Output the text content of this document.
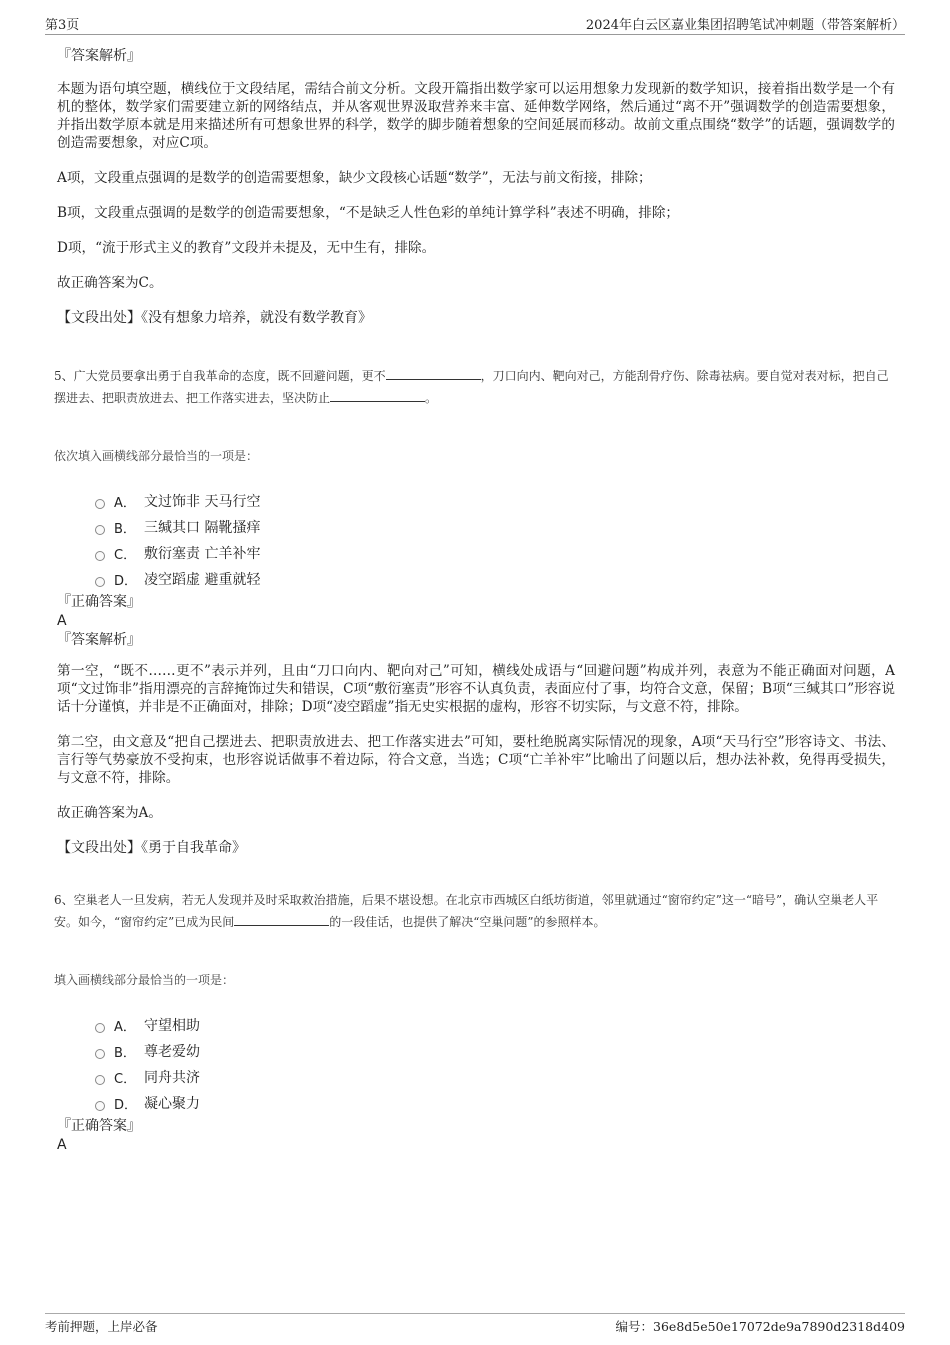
第3页	2024年白云区嘉业集团招聘笔试冲刺题（带答案解析）

『答案解析』

本题为语句填空题，横线位于文段结尾，需结合前文分析。文段开篇指出数学家可以运用想象力发现新的数学知识，接着指出数学是一个有机的整体，数学家们需要建立新的网络结点，并从客观世界汲取营养来丰富、延伸数学网络，然后通过“离不开”强调数学的创造需要想象，并指出数学原本就是用来描述所有可想象世界的科学，数学的脚步随着想象的空间延展而移动。故前文重点围绕“数学”的话题，强调数学的创造需要想象，对应C项。

A项，文段重点强调的是数学的创造需要想象，缺少文段核心话题“数学”，无法与前文衔接，排除；

B项，文段重点强调的是数学的创造需要想象，“不是缺乏人性色彩的单纯计算学科”表述不明确，排除；

D项，“流于形式主义的教育”文段并未提及，无中生有，排除。

故正确答案为C。

【文段出处】《没有想象力培养，就没有数学教育》

5、广大党员要拿出勇于自我革命的态度，既不回避问题，更不	，刀口向内、靶向对己，方能刮骨疗伤、除毒祛病。要自觉对表对标，把自己摆进去、把职责放进去、把工作落实进去，坚决防止	。

依次填入画横线部分最恰当的一项是：

A． 文过饰非 天马行空
B． 三缄其口 隔靴搔痒
C． 敷衍塞责 亡羊补牢
D． 凌空蹈虚 避重就轻

『正确答案』

A

『答案解析』

第一空，“既不……更不”表示并列，且由“刀口向内、靶向对己”可知，横线处成语与“回避问题”构成并列，表意为不能正确面对问题，A项“文过饰非”指用漂亮的言辞掩饰过失和错误，C项“敷衍塞责”形容不认真负责，表面应付了事，均符合文意，保留；B项“三缄其口”形容说话十分谨慎，并非是不正确面对，排除；D项“凌空蹈虚”指无史实根据的虚构，形容不切实际，与文意不符，排除。

第二空，由文意及“把自己摆进去、把职责放进去、把工作落实进去”可知，要杜绝脱离实际情况的现象，A项“天马行空”形容诗文、书法、言行等气势豪放不受拘束，也形容说话做事不着边际，符合文意，当选；C项“亡羊补牢”比喻出了问题以后，想办法补救，免得再受损失，与文意不符，排除。

故正确答案为A。

【文段出处】《勇于自我革命》

6、空巢老人一旦发病，若无人发现并及时采取救治措施，后果不堪设想。在北京市西城区白纸坊街道，邻里就通过“窗帘约定”这一“暗号”，确认空巢老人平安。如今，“窗帘约定”已成为民间	的一段佳话，也提供了解决“空巢问题”的参照样本。

填入画横线部分最恰当的一项是：

A． 守望相助
B． 尊老爱幼
C． 同舟共济
D． 凝心聚力

『正确答案』

A

考前押题，上岸必备	编号：36e8d5e50e17072de9a7890d2318d409
